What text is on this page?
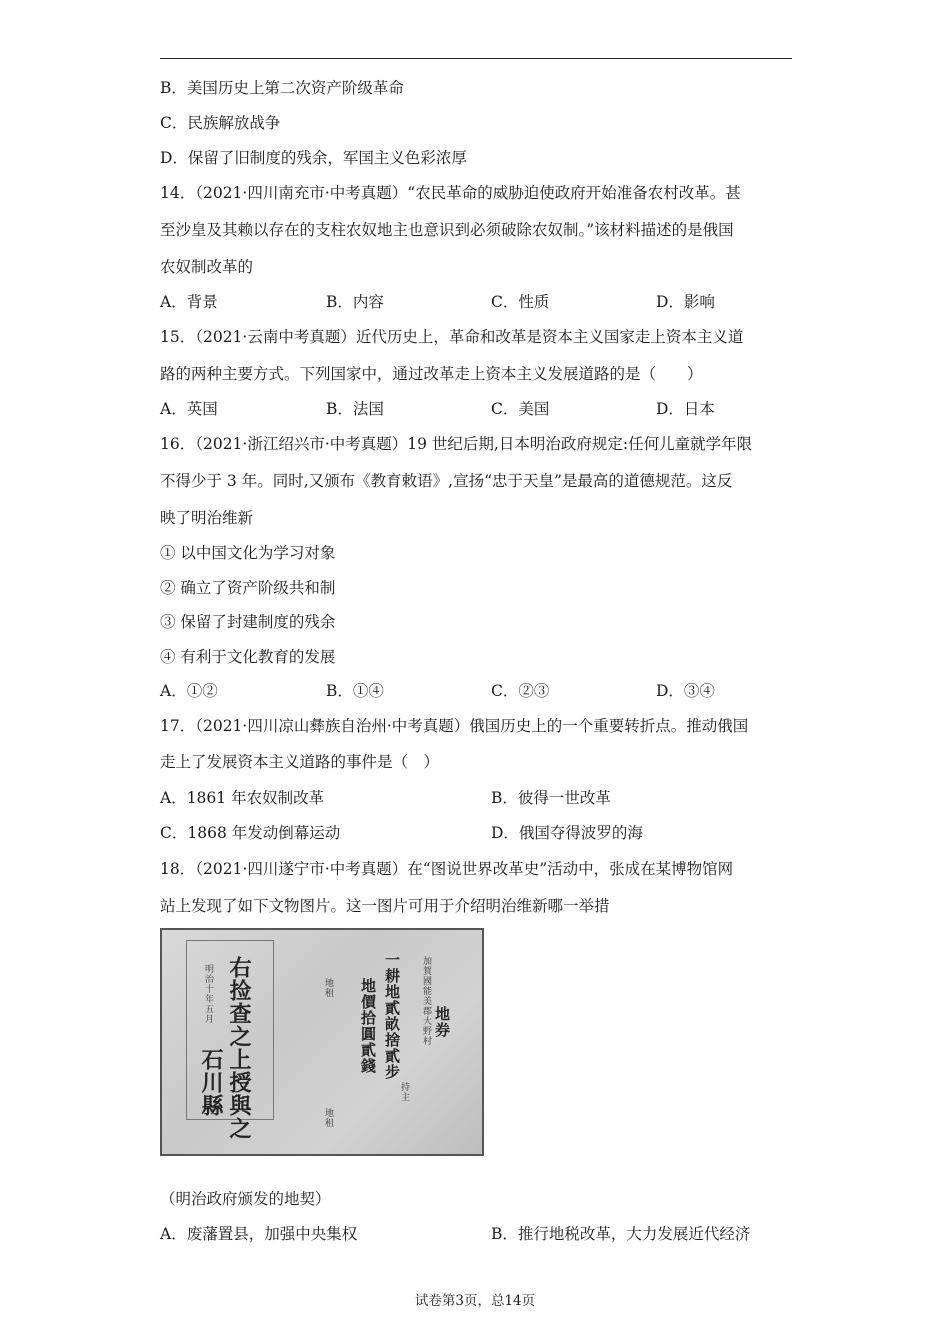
B．美国历史上第二次资产阶级革命
C．民族解放战争
D．保留了旧制度的残余，军国主义色彩浓厚
14．（2021·四川南充市·中考真题）“农民革命的威胁迫使政府开始准备农村改革。甚
至沙皇及其赖以存在的支柱农奴地主也意识到必须破除农奴制。”该材料描述的是俄国
农奴制改革的
A．背景	B．内容	C．性质	D．影响
15．（2021·云南中考真题）近代历史上，革命和改革是资本主义国家走上资本主义道
路的两种主要方式。下列国家中，通过改革走上资本主义发展道路的是（　　）
A．英国	B．法国	C．美国	D．日本
16．（2021·浙江绍兴市·中考真题）19 世纪后期,日本明治政府规定:任何儿童就学年限
不得少于 3 年。同时,又颁布《教育敕语》,宣扬“忠于天皇”是最高的道德规范。这反
映了明治维新
① 以中国文化为学习对象
② 确立了资产阶级共和制
③ 保留了封建制度的残余
④ 有利于文化教育的发展
A．①②	B．①④	C．②③	D．③④
17．（2021·四川凉山彝族自治州·中考真题）俄国历史上的一个重要转折点。推动俄国
走上了发展资本主义道路的事件是（　）
A．1861 年农奴制改革	B．彼得一世改革
C．1868 年发动倒幕运动	D．俄国夺得波罗的海
18．（2021·四川遂宁市·中考真题）在“图说世界改革史”活动中，张成在某博物馆网
站上发现了如下文物图片。这一图片可用于介绍明治维新哪一举措
明治十年五月 右捡查之上授與之
石川縣
地租 地價拾圓貳錢 一耕地貳畝捨貳步 加賀國能美郡大野村 地券
持主
地租
（明治政府颁发的地契）
A．废藩置县，加强中央集权	B．推行地税改革，大力发展近代经济
试卷第3页，总14页
